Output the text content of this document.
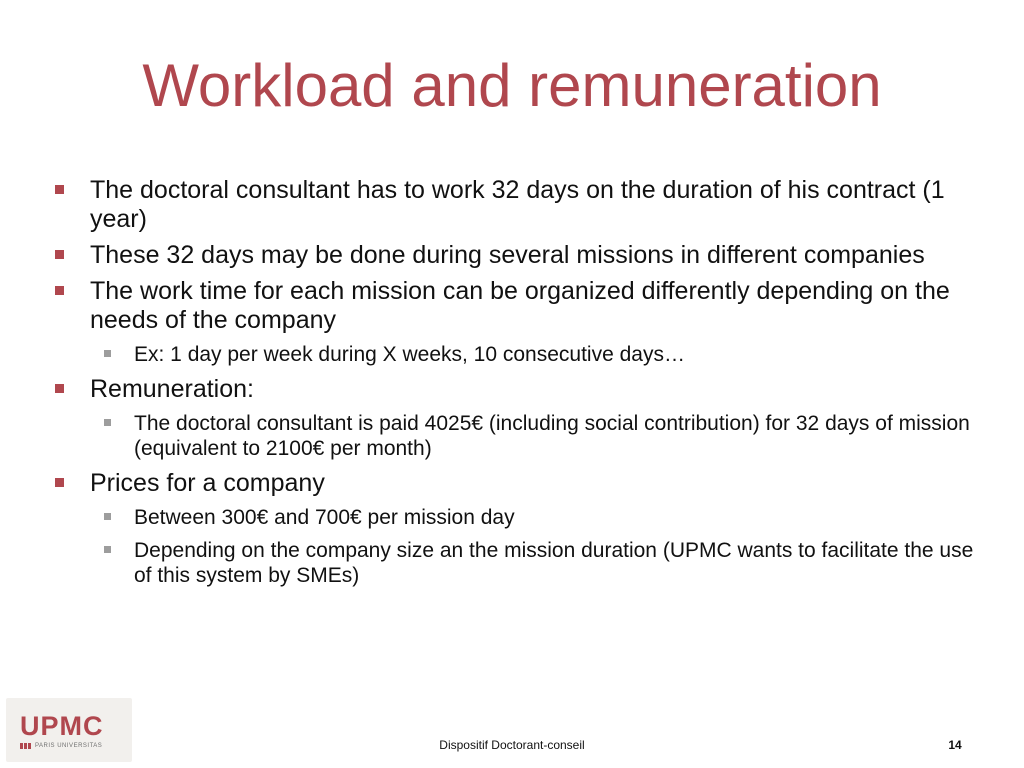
Workload and remuneration
The doctoral consultant has to work 32 days on the duration of his contract (1 year)
These 32 days may be done during several missions in different companies
The work time for each mission can be organized differently depending on the needs of the company
Ex: 1 day per week during X weeks, 10 consecutive days…
Remuneration:
The doctoral consultant is paid 4025€ (including social contribution) for 32 days of mission (equivalent to 2100€ per month)
Prices for a company
Between 300€ and 700€ per mission day
Depending on the company size an the mission duration (UPMC wants to facilitate the use of this system by SMEs)
UPMC
PARIS UNIVERSITAS	Dispositif Doctorant-conseil	14
